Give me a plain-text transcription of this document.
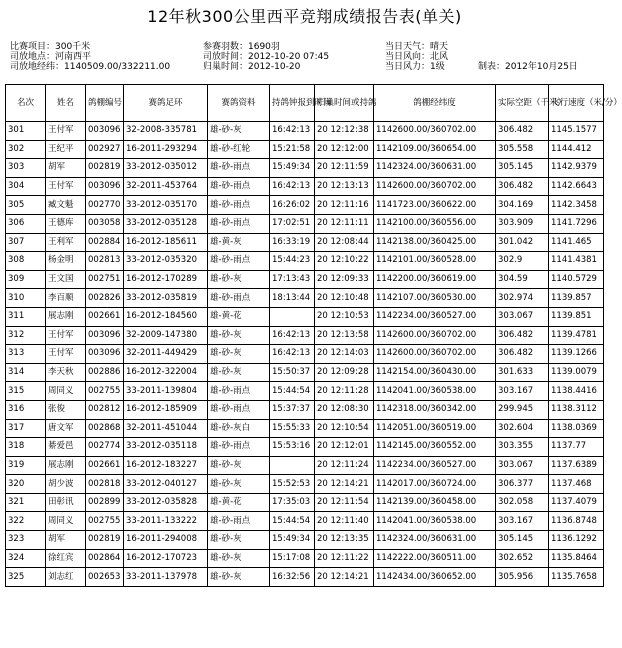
12年秋300公里西平竞翔成绩报告表(单关)
比赛项目：300千米
司放地点：河南西平
司放地经纬：1140509.00/332211.00
参赛羽数：1690羽
司放时间：2012-10-20 07:45
归巢时间：2012-10-20
当日天气：晴天
当日风向：北风
当日风力：1级	制表：2012年10月25日
名次	姓名	鸽棚编号	赛鸽足环	赛鸽资料	持鸽钟报到时间	归巢时间或持鸽	鸽棚经纬度	实际空距（千米）	飞行速度（米/分）
301	王付军	003096	32-2008-335781	雄-砂-灰	16:42:13	20 12:12:38	1142600.00/360702.00	306.482	1145.1577
302	王纪平	002927	16-2011-293294	雄-砂-红轮	15:21:58	20 12:12:00	1142109.00/360654.00	305.558	1144.412
303	胡军	002819	33-2012-035012	雄-砂-雨点	15:49:34	20 12:11:59	1142324.00/360631.00	305.145	1142.9379
304	王付军	003096	32-2011-453764	雄-砂-雨点	16:42:13	20 12:13:13	1142600.00/360702.00	306.482	1142.6643
305	臧文魁	002770	33-2012-035170	雄-砂-雨点	16:26:02	20 12:11:16	1141723.00/360622.00	304.169	1142.3458
306	王德库	003058	33-2012-035128	雄-砂-雨点	17:02:51	20 12:11:11	1142100.00/360556.00	303.909	1141.7296
307	王利军	002884	16-2012-185611	雄-黄-灰	16:33:19	20 12:08:44	1142138.00/360425.00	301.042	1141.465
308	杨金明	002813	33-2012-035320	雄-砂-雨点	15:44:23	20 12:10:22	1142101.00/360528.00	302.9	1141.4381
309	王文国	002751	16-2012-170289	雄-砂-灰	17:13:43	20 12:09:33	1142200.00/360619.00	304.59	1140.5729
310	李百顺	002826	33-2012-035819	雄-砂-雨点	18:13:44	20 12:10:48	1142107.00/360530.00	302.974	1139.857
311	展志刚	002661	16-2012-184560	雄-黄-花		20 12:10:53	1142234.00/360527.00	303.067	1139.851
312	王付军	003096	32-2009-147380	雄-砂-灰	16:42:13	20 12:13:58	1142600.00/360702.00	306.482	1139.4781
313	王付军	003096	32-2011-449429	雄-砂-灰	16:42:13	20 12:14:03	1142600.00/360702.00	306.482	1139.1266
314	李天秋	002886	16-2012-322004	雄-砂-灰	15:50:37	20 12:09:28	1142154.00/360430.00	301.633	1139.0079
315	周同义	002755	33-2011-139804	雄-砂-雨点	15:44:54	20 12:11:28	1142041.00/360538.00	303.167	1138.4416
316	张俊	002812	16-2012-185909	雄-砂-雨点	15:37:37	20 12:08:30	1142318.00/360342.00	299.945	1138.3112
317	唐文军	002868	32-2011-451044	雄-砂-灰白	15:55:33	20 12:10:54	1142051.00/360519.00	302.604	1138.0369
318	綦爱邑	002774	33-2012-035118	雄-砂-雨点	15:53:16	20 12:12:01	1142145.00/360552.00	303.355	1137.77
319	展志刚	002661	16-2012-183227	雄-砂-灰		20 12:11:24	1142234.00/360527.00	303.067	1137.6389
320	胡少波	002818	33-2012-040127	雄-砂-灰	15:52:53	20 12:14:21	1142017.00/360724.00	306.377	1137.468
321	田彰讯	002899	33-2012-035828	雄-黄-花	17:35:03	20 12:11:54	1142139.00/360458.00	302.058	1137.4079
322	周同义	002755	33-2011-133222	雄-砂-雨点	15:44:54	20 12:11:40	1142041.00/360538.00	303.167	1136.8748
323	胡军	002819	16-2011-294008	雄-砂-灰	15:49:34	20 12:13:35	1142324.00/360631.00	305.145	1136.1292
324	徐红宾	002864	16-2012-170723	雄-砂-灰	15:17:08	20 12:11:22	1142222.00/360511.00	302.652	1135.8464
325	刘志红	002653	33-2011-137978	雄-砂-灰	16:32:56	20 12:14:21	1142434.00/360652.00	305.956	1135.7658
